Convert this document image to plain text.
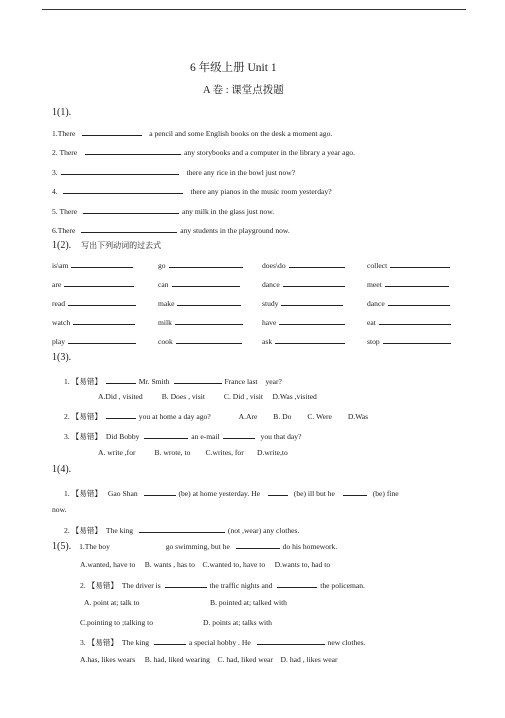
6 年级上册 Unit 1
A 卷 : 课堂点拨题
1(1).
1.There	a pencil and some English books on the desk a moment ago.
2. There	any storybooks and a computer in the library a year ago.
3.	there any rice in the bowl just now?
4.	there any pianos in the music room yesterday?
5. There	any milk in the glass just now.
6.There	any students in the playground now.
1(2). 写出下列动词的过去式
is\am	go	does\do	collect
are	can	dance	meet
read	make	study	dance
watch	milk	have	eat
play	cook	ask	stop
1(3).
1. 【易错】	Mr. Smith	France last year?
A.Did , visited          B. Does , visit          C. Did , visit     D.Was ,visited
2. 【易错】	you at home a day ago?	A.Are B. Do C. Were D.Was
3. 【易错】 Did Bobby	an e-mail	you that day?
A. write ,for          B. wrote, to        C.writes, for       D.write,to
1(4).
1. 【易错】 Gao Shan	(be) at home yesterday. He	(be) ill but he	(be) fine
now.
2. 【易错】 The king	(not ,wear) any clothes.
1(5). 1.The boy	go swimming, but he	do his homework.
A.wanted, have to     B. wants , has to    C.wanted to, have to     D.wants to, had to
2. 【易错】 The driver is	the traffic nights and	the policeman.
A. point at; talk to	B. pointed at; talked with
C.pointing to ;talking to	D. points at; talks with
3. 【易错】 The king	a special hobby . He	new clothes.
A.has, likes wears     B. had, liked wearing    C. had, liked wear    D. had , likes wear
